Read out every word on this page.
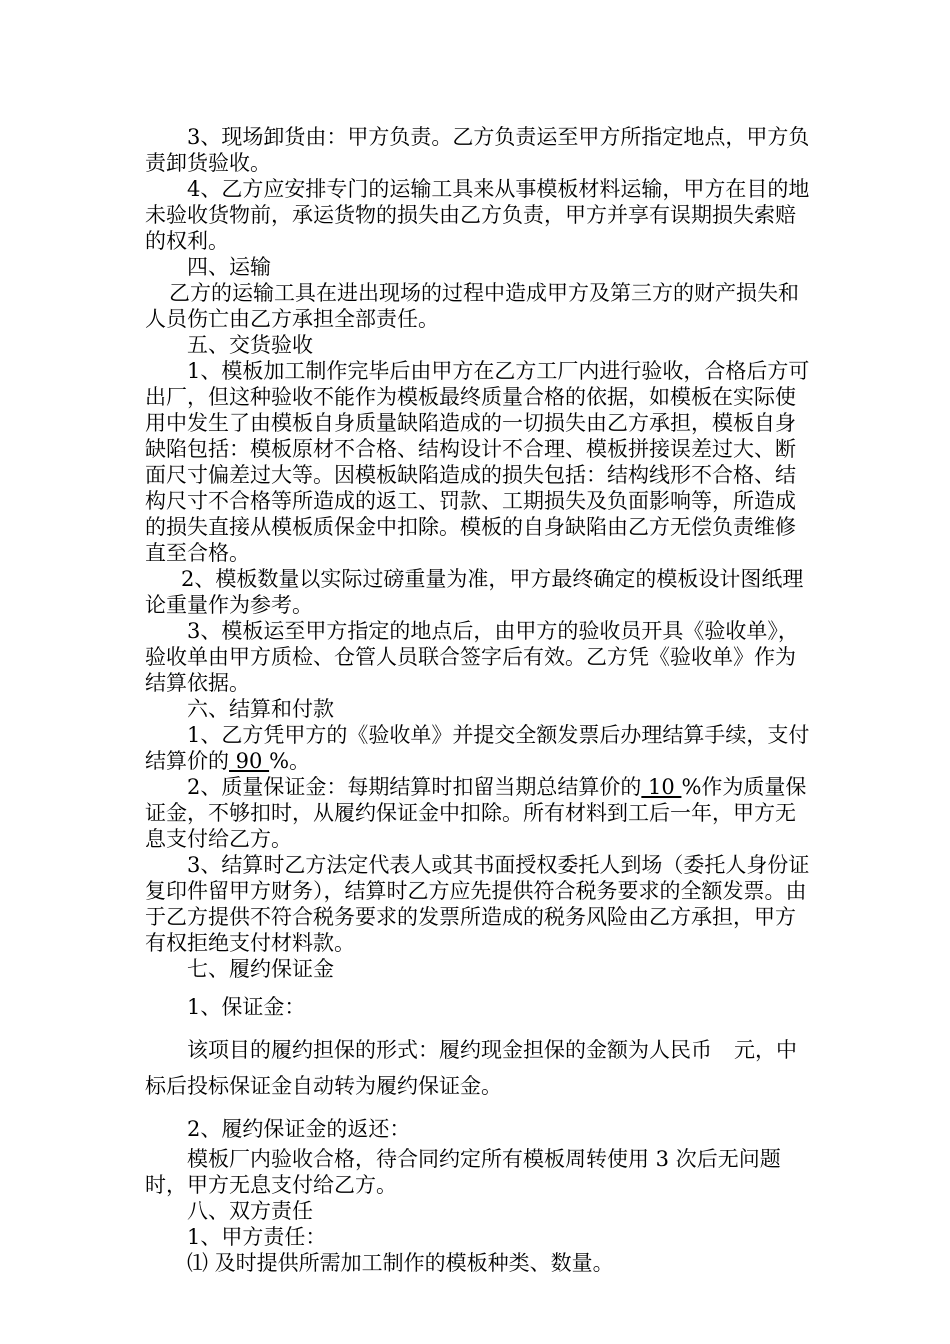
3、现场卸货由：甲方负责。乙方负责运至甲方所指定地点，甲方负责卸货验收。

4、乙方应安排专门的运输工具来从事模板材料运输，甲方在目的地未验收货物前，承运货物的损失由乙方负责，甲方并享有误期损失索赔的权利。

四、运输

乙方的运输工具在进出现场的过程中造成甲方及第三方的财产损失和人员伤亡由乙方承担全部责任。

五、交货验收

1、模板加工制作完毕后由甲方在乙方工厂内进行验收，合格后方可出厂，但这种验收不能作为模板最终质量合格的依据，如模板在实际使用中发生了由模板自身质量缺陷造成的一切损失由乙方承担，模板自身缺陷包括：模板原材不合格、结构设计不合理、模板拼接误差过大、断面尺寸偏差过大等。因模板缺陷造成的损失包括：结构线形不合格、结构尺寸不合格等所造成的返工、罚款、工期损失及负面影响等，所造成的损失直接从模板质保金中扣除。模板的自身缺陷由乙方无偿负责维修直至合格。

2、模板数量以实际过磅重量为准，甲方最终确定的模板设计图纸理论重量作为参考。

3、模板运至甲方指定的地点后，由甲方的验收员开具《验收单》，验收单由甲方质检、仓管人员联合签字后有效。乙方凭《验收单》作为结算依据。

六、结算和付款

1、乙方凭甲方的《验收单》并提交全额发票后办理结算手续，支付结算价的 90 %。

2、质量保证金：每期结算时扣留当期总结算价的 10 %作为质量保证金，不够扣时，从履约保证金中扣除。所有材料到工后一年，甲方无息支付给乙方。

3、结算时乙方法定代表人或其书面授权委托人到场（委托人身份证复印件留甲方财务），结算时乙方应先提供符合税务要求的全额发票。由于乙方提供不符合税务要求的发票所造成的税务风险由乙方承担，甲方有权拒绝支付材料款。

七、履约保证金

1、保证金：

该项目的履约担保的形式：履约现金担保的金额为人民币 元，中标后投标保证金自动转为履约保证金。

2、履约保证金的返还：

模板厂内验收合格，待合同约定所有模板周转使用 3 次后无问题时，甲方无息支付给乙方。

八、双方责任

1、甲方责任：

⑴ 及时提供所需加工制作的模板种类、数量。
